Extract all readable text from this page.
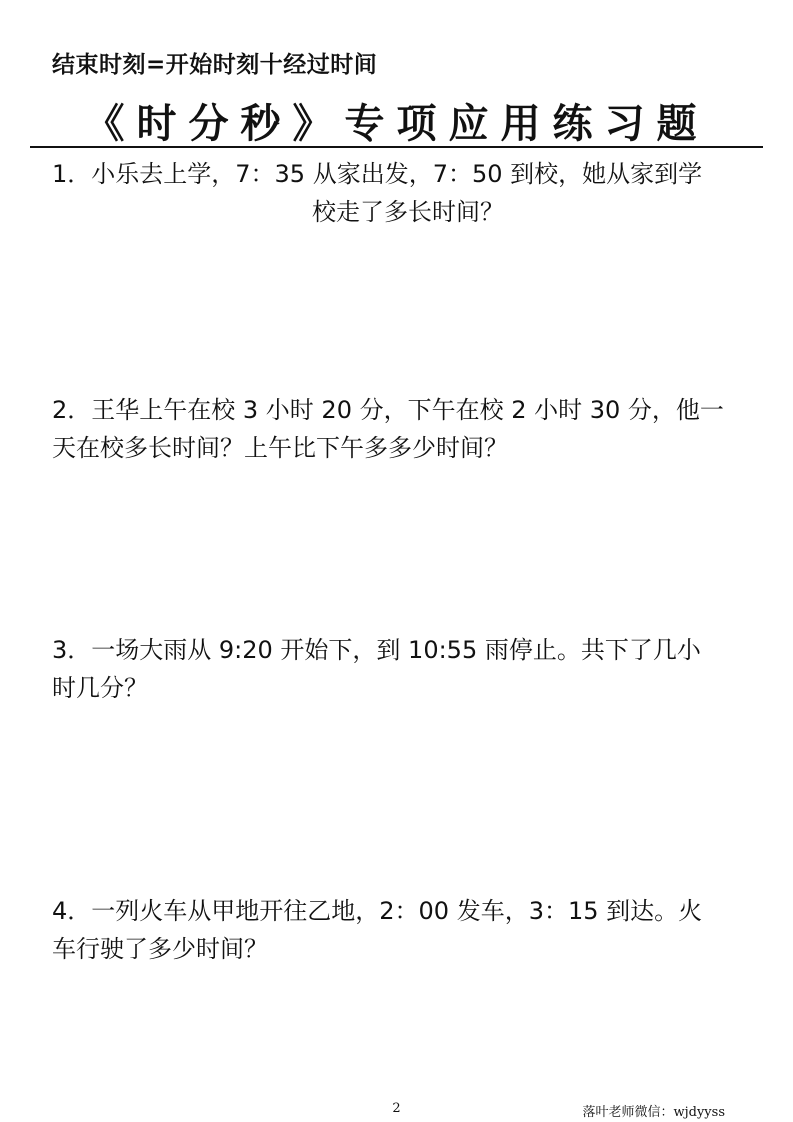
结束时刻=开始时刻十经过时间
《时分秒》专项应用练习题
1．小乐去上学，7：35 从家出发，7：50 到校，她从家到学
校走了多长时间？
2．王华上午在校 3 小时 20 分，下午在校 2 小时 30 分，他一
天在校多长时间？上午比下午多多少时间？
3．一场大雨从 9:20 开始下，到 10:55 雨停止。共下了几小
时几分？
4．一列火车从甲地开往乙地，2：00 发车，3：15 到达。火
车行驶了多少时间？
2	落叶老师微信：wjdyyss
